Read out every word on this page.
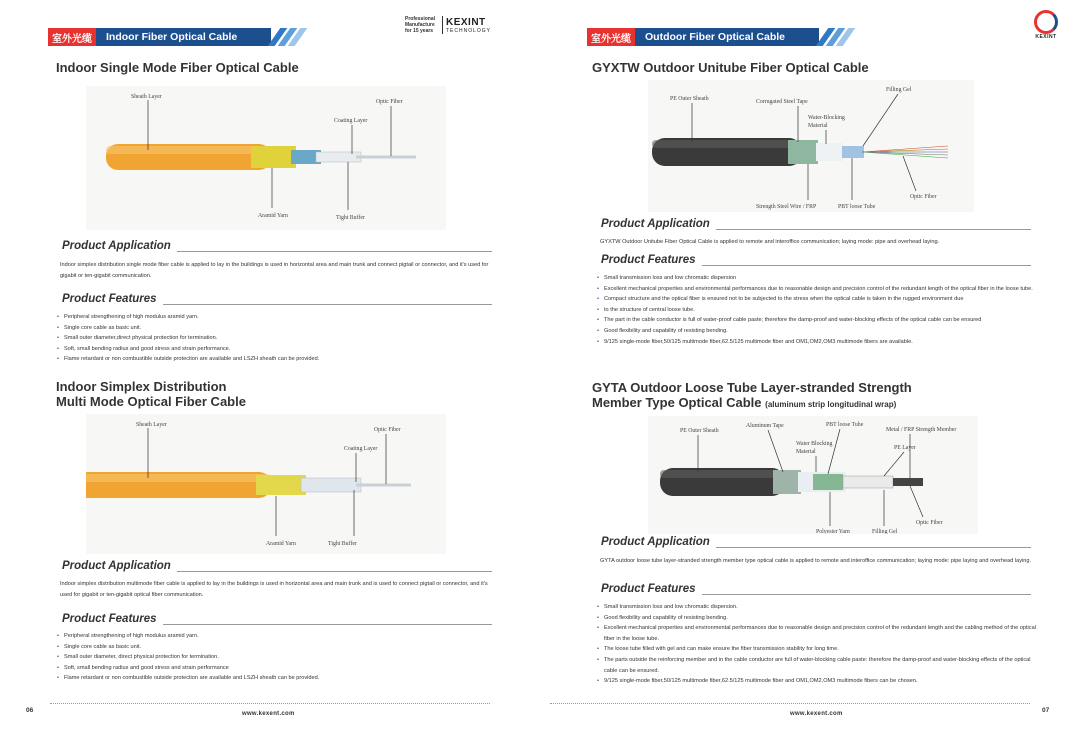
室外光缆	Indoor Fiber Optical Cable
Professional Manufacture for 15 years
KEXINT
TECHNOLOGY
Indoor Single Mode Fiber Optical Cable
Sheath Layer
Optic Fiber
Coating Layer
Aramid Yarn	Tight Buffer
Product Application
Indoor simplex distribution single mode fiber cable is applied to lay in the buildings is used in horizontal area and main trunk and connect pigtail or connector, and it's used for gigabit or ten-gigabit communication.
Product Features
• Peripheral strengthening of high modulus aramid yarn.
• Single core cable as basic unit.
• Small outer diameter,direct physical protection for termination.
• Soft, small bending radius and good stress and strain performance.
• Flame retardant or non combustible outside protection are available and LSZH sheath can be provided.
Indoor Simplex Distribution
Multi Mode Optical Fiber Cable
Sheath Layer
Optic Fiber
Coating Layer
Aramid Yarn	Tight Buffer
Product Application
Indoor simplex distribution multimode fiber cable is applied to lay in the buildings is used in horizontal area and main trunk and is used to connect pigtail or connector, and it's used for gigabit or ten-gigabit optical fiber communication.
Product Features
• Peripheral strengthening of high modulus aramid yarn.
• Single core cable as basic unit.
• Small outer diameter, direct physical protection for termination.
• Soft, small bending radius and good stress and strain performance
• Flame retardant or non combustible outside protection are available and LSZH sheath can be provided.
06	www.kexent.com
室外光缆	Outdoor Fiber Optical Cable	KEXINT
GYXTW Outdoor Unitube Fiber Optical Cable
PE Outer Sheath	Corrugated Steel Tape
Filling Gel
Water-Blocking
Material
Strength Steel Wire / FRP	PBT loose Tube
Optic Fiber
Product Application
GYXTW Outdoor Unitube Fiber Optical Cable is applied to remote and interoffice communication; laying mode: pipe and overhead laying.
Product Features
• Small transmission loss and low chromatic dispersion
• Excellent mechanical properties and environmental performances due to reasonable design and precision control of the redundant length of the optical fiber in the loose tube.
• Compact structure and the optical fiber is ensured not to be subjected to the stress when the optical cable is taken in the rugged environment due
• to the structure of central loose tube.
• The part in the cable conductor is full of water-proof cable paste; therefore the damp-proof and water-blocking effects of the optical cable can be ensured
• Good flexibility and capability of resisting bending.
• 9/125 single-mode fiber,50/125 multimode fiber,62.5/125 multimode fiber and OM1,OM2,OM3 multimode fibers are available.
GYTA Outdoor Loose Tube Layer-stranded Strength
Member Type Optical Cable (aluminum strip longitudinal wrap)
PE Outer Sheath
Aluminum Tape	PBT loose Tube
Metal / FRP Strength Member
Water Blocking
Material
PE Layer
Polyester Yarn	Filling Gel
Optic Fiber
Product Application
GYTA outdoor loose tube layer-stranded strength member type optical cable is applied to remote and interoffice communication; laying mode: pipe laying and overhead laying.
Product Features
• Small transmission loss and low chromatic dispersion.
• Good flexibility and capability of resisting bending.
• Excellent mechanical properties and environmental performances due to reasonable design and precision control of the redundant length and the cabling method of the optical fiber in the loose tube.
• The loose tube filled with gel and can make ensure the fiber transmission stability for long time.
• The parts outside the reinforcing member and in the cable conductor are full of water-blocking cable paste: therefore the damp-proof and water-blocking effects of the optical cable can be ensured.
• 9/125 single-mode fiber,50/125 multimode fiber,62.5/125 multimode fiber and OM1,OM2,OM3 multimode fibers can be chosen.
www.kexent.com	07
